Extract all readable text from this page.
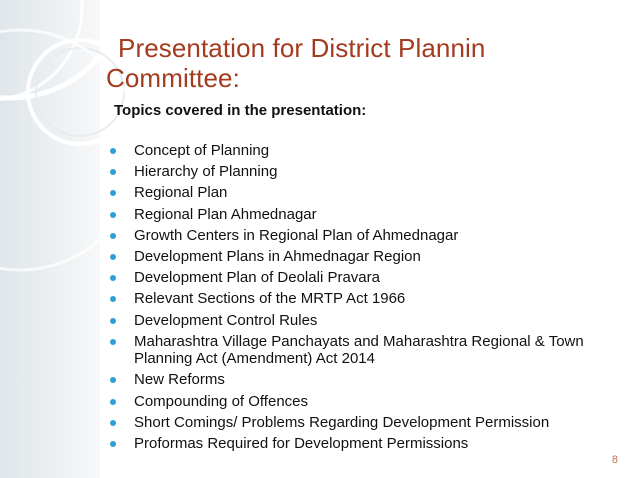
Presentation for District Plannin
Committee:

Topics covered in the presentation:

Concept of Planning
Hierarchy of Planning
Regional Plan
Regional Plan Ahmednagar
Growth Centers in Regional Plan of Ahmednagar
Development Plans in Ahmednagar Region
Development Plan of Deolali Pravara
Relevant Sections of the MRTP Act 1966
Development Control Rules
Maharashtra Village Panchayats and Maharashtra Regional & Town Planning Act (Amendment) Act 2014
New Reforms
Compounding of Offences
Short Comings/ Problems Regarding Development Permission
Proformas Required for Development Permissions
8
